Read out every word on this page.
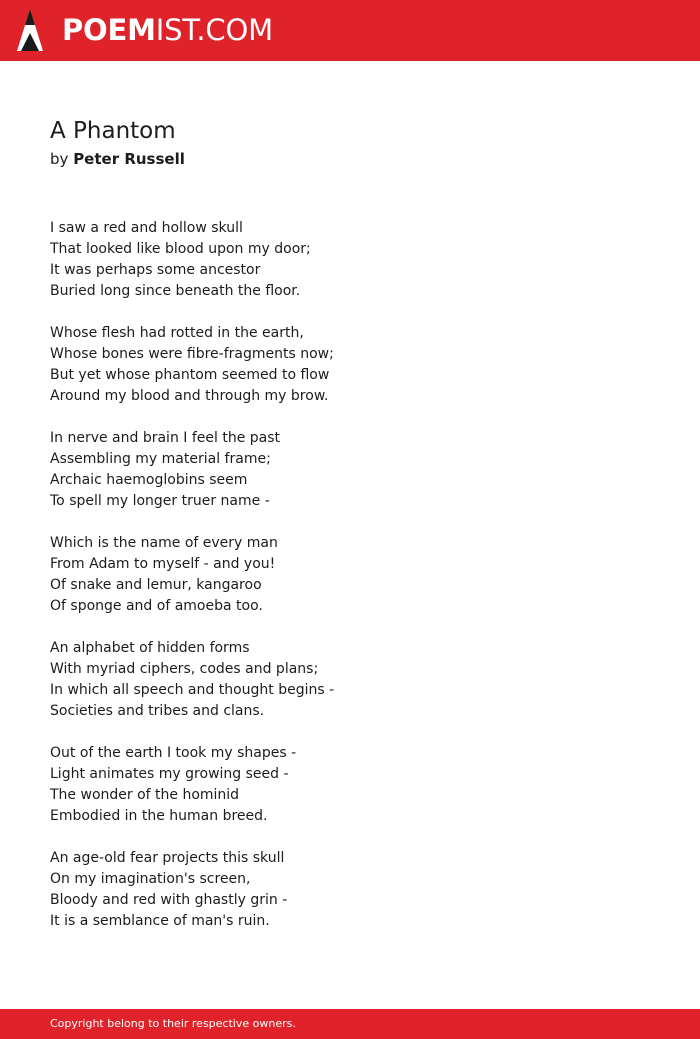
POEMIST.COM
A Phantom
by Peter Russell
I saw a red and hollow skull
That looked like blood upon my door;
It was perhaps some ancestor
Buried long since beneath the floor.
Whose flesh had rotted in the earth,
Whose bones were fibre-fragments now;
But yet whose phantom seemed to flow
Around my blood and through my brow.
In nerve and brain I feel the past
Assembling my material frame;
Archaic haemoglobins seem
To spell my longer truer name -
Which is the name of every man
From Adam to myself - and you!
Of snake and lemur, kangaroo
Of sponge and of amoeba too.
An alphabet of hidden forms
With myriad ciphers, codes and plans;
In which all speech and thought begins -
Societies and tribes and clans.
Out of the earth I took my shapes -
Light animates my growing seed -
The wonder of the hominid
Embodied in the human breed.
An age-old fear projects this skull
On my imagination's screen,
Bloody and red with ghastly grin -
It is a semblance of man's ruin.
Copyright belong to their respective owners.
